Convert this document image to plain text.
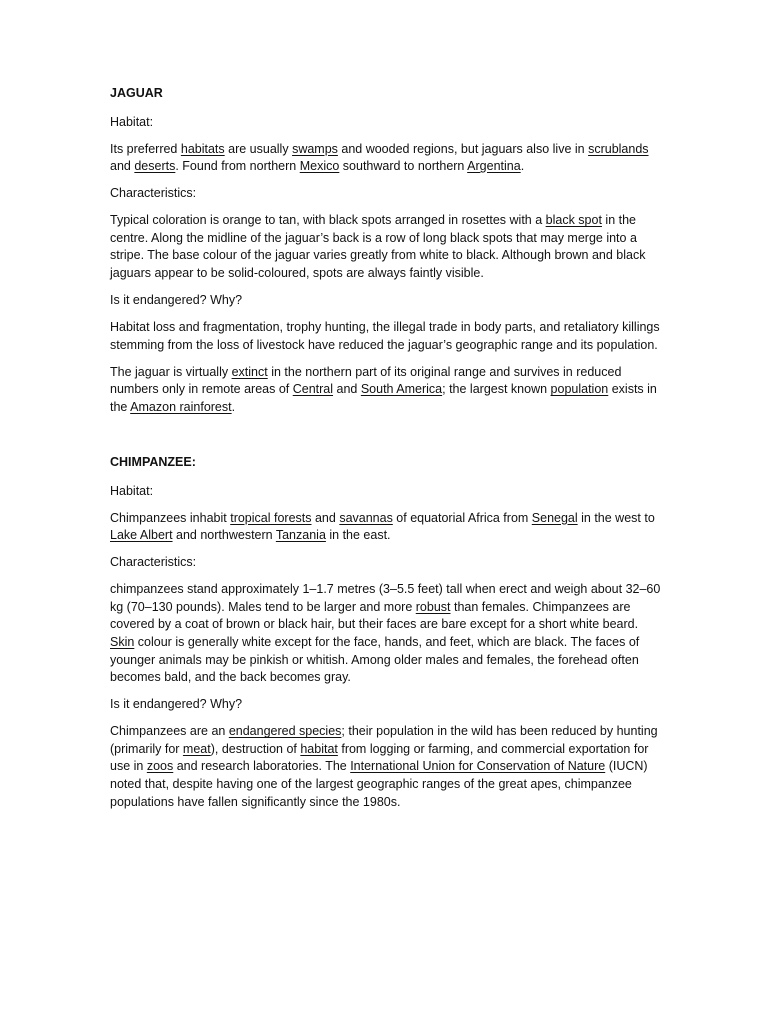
JAGUAR
Habitat:

Its preferred habitats are usually swamps and wooded regions, but jaguars also live in scrublands and deserts. Found from northern Mexico southward to northern Argentina.

Characteristics:

Typical coloration is orange to tan, with black spots arranged in rosettes with a black spot in the centre. Along the midline of the jaguar’s back is a row of long black spots that may merge into a stripe. The base colour of the jaguar varies greatly from white to black. Although brown and black jaguars appear to be solid-coloured, spots are always faintly visible.

Is it endangered? Why?

Habitat loss and fragmentation, trophy hunting, the illegal trade in body parts, and retaliatory killings stemming from the loss of livestock have reduced the jaguar’s geographic range and its population.

The jaguar is virtually extinct in the northern part of its original range and survives in reduced numbers only in remote areas of Central and South America; the largest known population exists in the Amazon rainforest.

CHIMPANZEE:
Habitat:

Chimpanzees inhabit tropical forests and savannas of equatorial Africa from Senegal in the west to Lake Albert and northwestern Tanzania in the east.

Characteristics:

chimpanzees stand approximately 1–1.7 metres (3–5.5 feet) tall when erect and weigh about 32–60 kg (70–130 pounds). Males tend to be larger and more robust than females. Chimpanzees are covered by a coat of brown or black hair, but their faces are bare except for a short white beard. Skin colour is generally white except for the face, hands, and feet, which are black. The faces of younger animals may be pinkish or whitish. Among older males and females, the forehead often becomes bald, and the back becomes gray.

Is it endangered? Why?

Chimpanzees are an endangered species; their population in the wild has been reduced by hunting (primarily for meat), destruction of habitat from logging or farming, and commercial exportation for use in zoos and research laboratories. The International Union for Conservation of Nature (IUCN) noted that, despite having one of the largest geographic ranges of the great apes, chimpanzee populations have fallen significantly since the 1980s.
